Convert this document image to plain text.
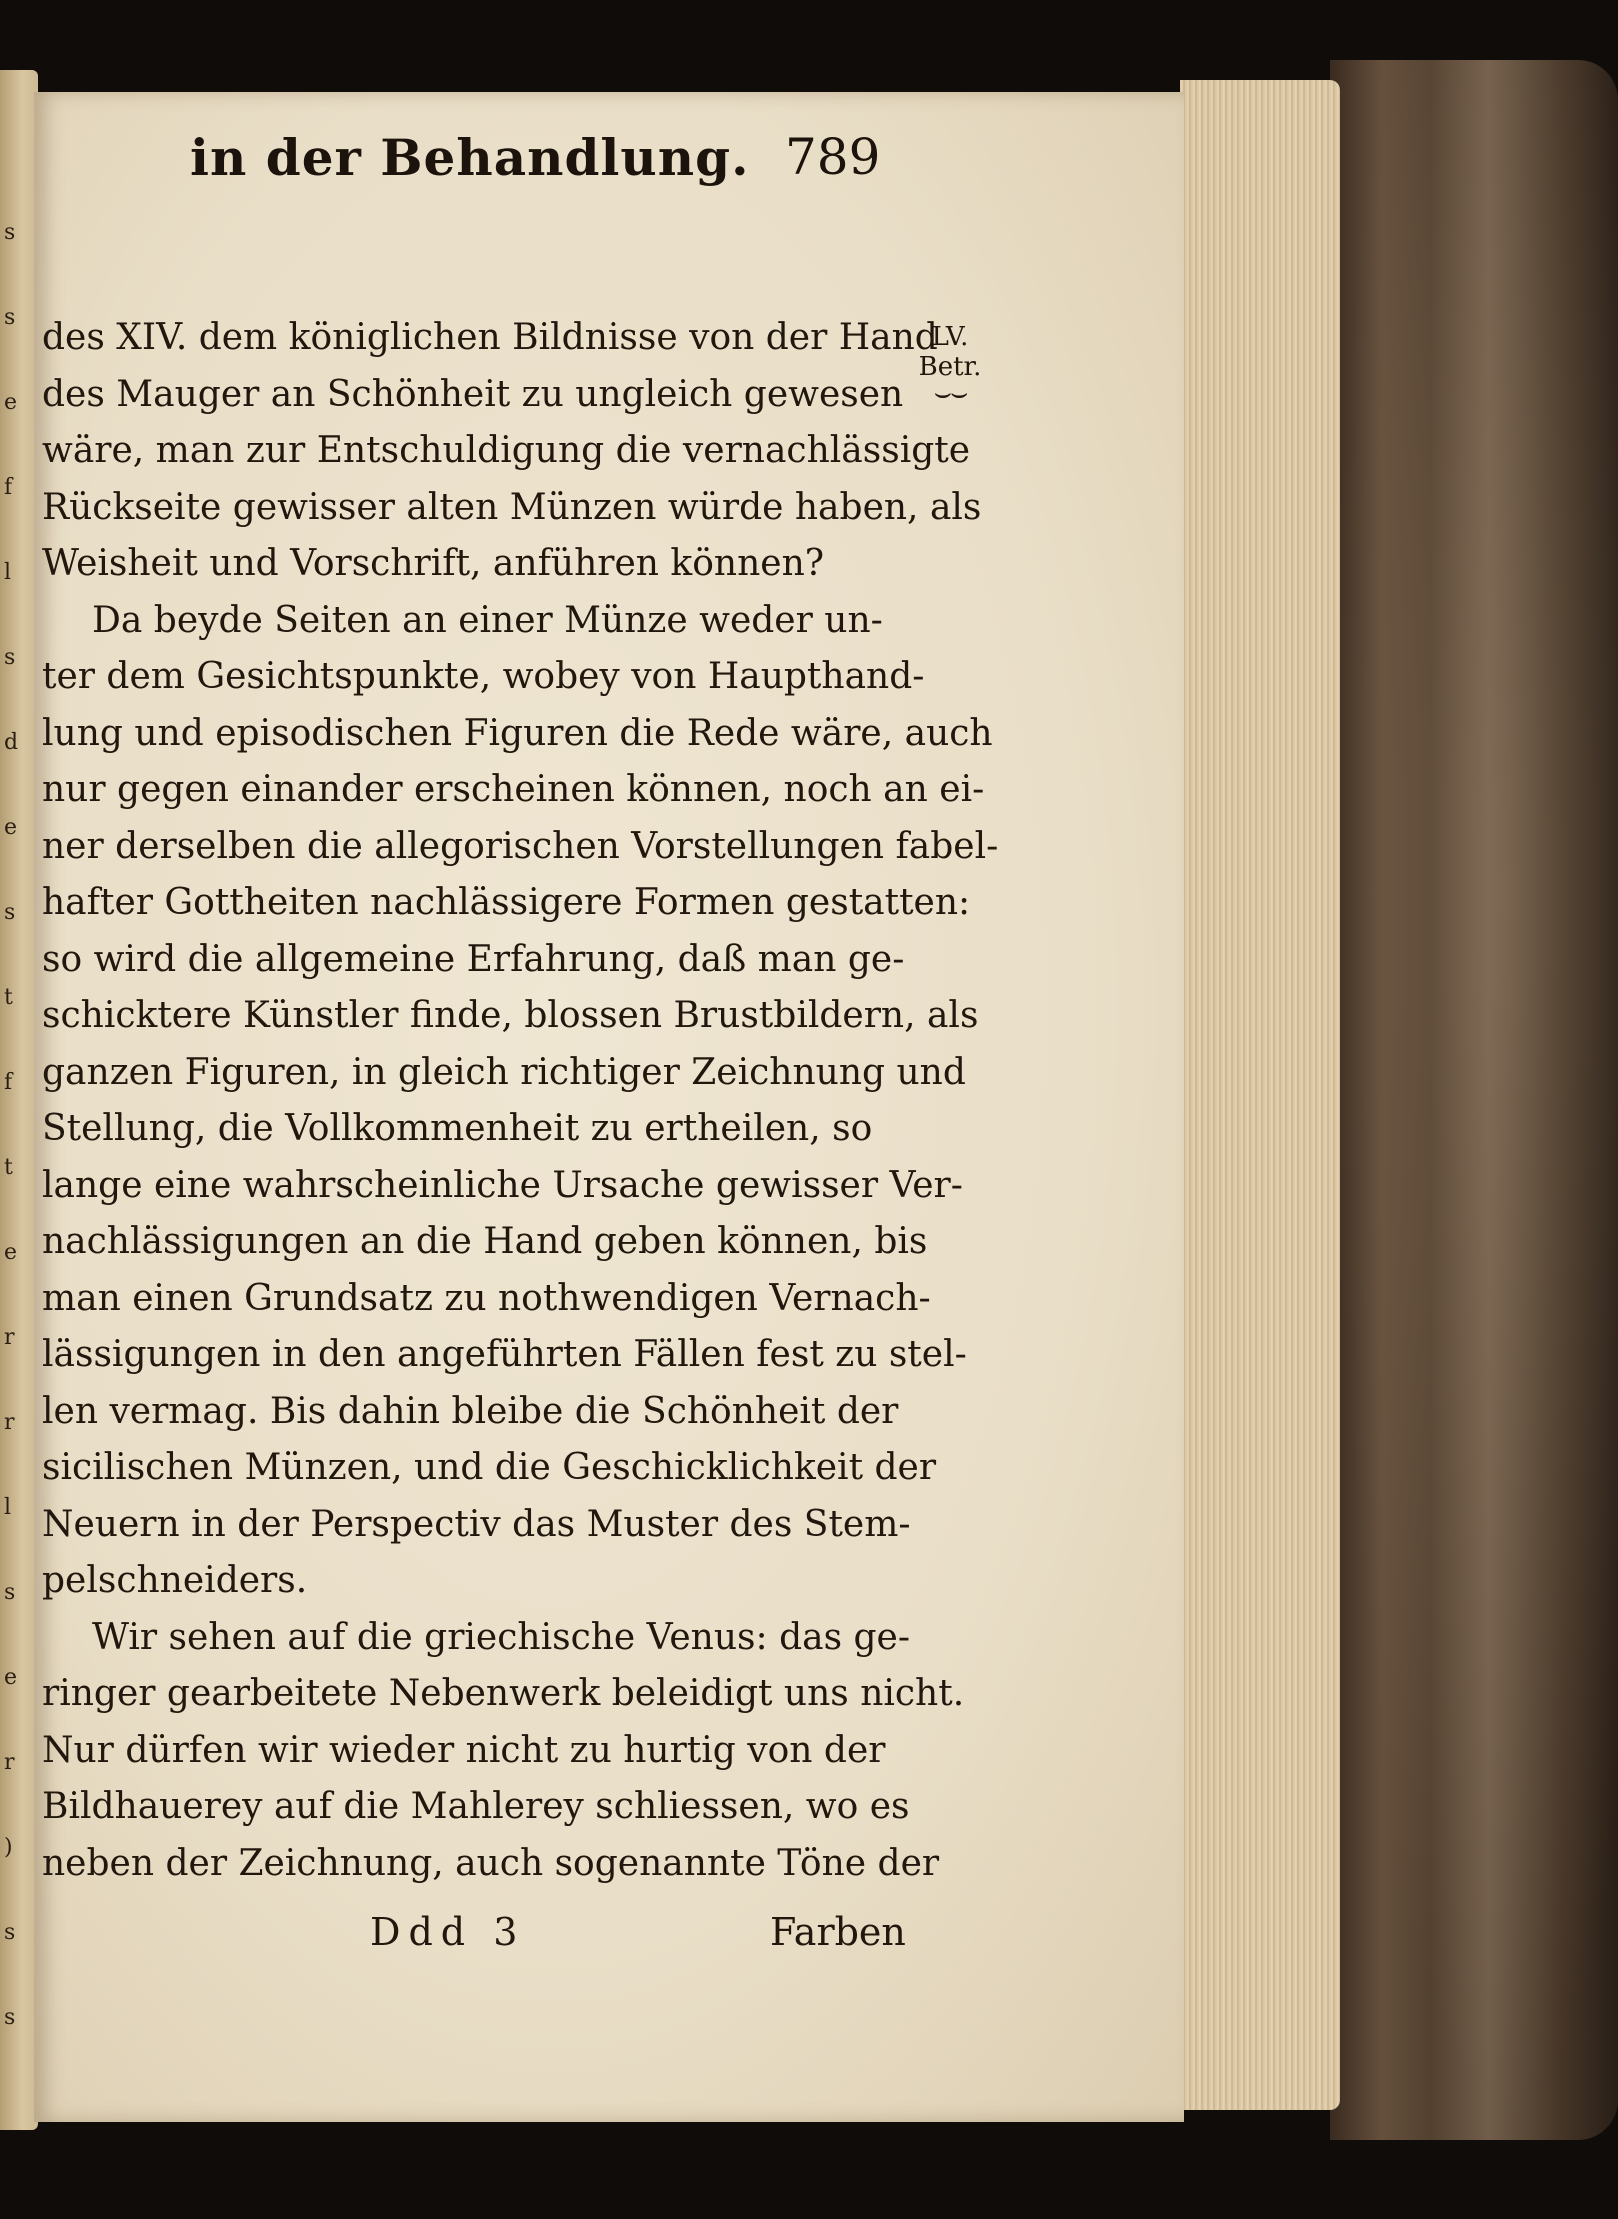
s
s
e
f
l
s
d
e
s
t
f
t
e
r
r
l
s
e
r
)
s
s
in der Behandlung. 789
LV.
Betr.
⌣⌣
des XIV. dem königlichen Bildnisse von der Hand
des Mauger an Schönheit zu ungleich gewesen
wäre, man zur Entschuldigung die vernachlässigte
Rückseite gewisser alten Münzen würde haben, als
Weisheit und Vorschrift, anführen können?
Da beyde Seiten an einer Münze weder un-
ter dem Gesichtspunkte, wobey von Haupthand-
lung und episodischen Figuren die Rede wäre, auch
nur gegen einander erscheinen können, noch an ei-
ner derselben die allegorischen Vorstellungen fabel-
hafter Gottheiten nachlässigere Formen gestatten:
so wird die allgemeine Erfahrung, daß man ge-
schicktere Künstler finde, blossen Brustbildern, als
ganzen Figuren, in gleich richtiger Zeichnung und
Stellung, die Vollkommenheit zu ertheilen, so
lange eine wahrscheinliche Ursache gewisser Ver-
nachlässigungen an die Hand geben können, bis
man einen Grundsatz zu nothwendigen Vernach-
lässigungen in den angeführten Fällen fest zu stel-
len vermag. Bis dahin bleibe die Schönheit der
sicilischen Münzen, und die Geschicklichkeit der
Neuern in der Perspectiv das Muster des Stem-
pelschneiders.
Wir sehen auf die griechische Venus: das ge-
ringer gearbeitete Nebenwerk beleidigt uns nicht.
Nur dürfen wir wieder nicht zu hurtig von der
Bildhauerey auf die Mahlerey schliessen, wo es
neben der Zeichnung, auch sogenannte Töne der
Ddd 3	Farben
